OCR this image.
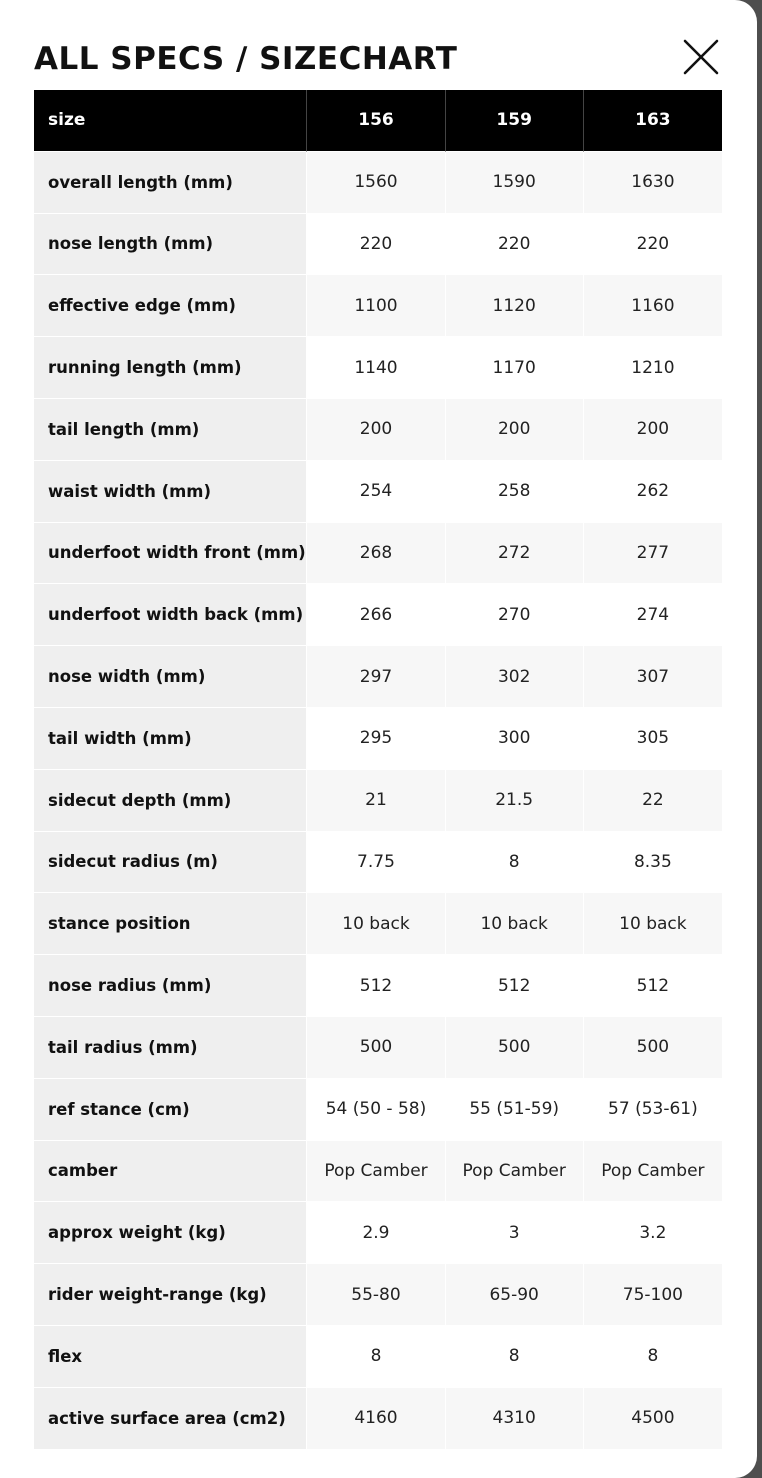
ALL SPECS / SIZECHART
size	156	159	163
overall length (mm)	1560	1590	1630
nose length (mm)	220	220	220
effective edge (mm)	1100	1120	1160
running length (mm)	1140	1170	1210
tail length (mm)	200	200	200
waist width (mm)	254	258	262
underfoot width front (mm)	268	272	277
underfoot width back (mm)	266	270	274
nose width (mm)	297	302	307
tail width (mm)	295	300	305
sidecut depth (mm)	21	21.5	22
sidecut radius (m)	7.75	8	8.35
stance position	10 back	10 back	10 back
nose radius (mm)	512	512	512
tail radius (mm)	500	500	500
ref stance (cm)	54 (50 - 58)	55 (51-59)	57 (53-61)
camber	Pop Camber	Pop Camber	Pop Camber
approx weight (kg)	2.9	3	3.2
rider weight-range (kg)	55-80	65-90	75-100
flex	8	8	8
active surface area (cm2)	4160	4310	4500
